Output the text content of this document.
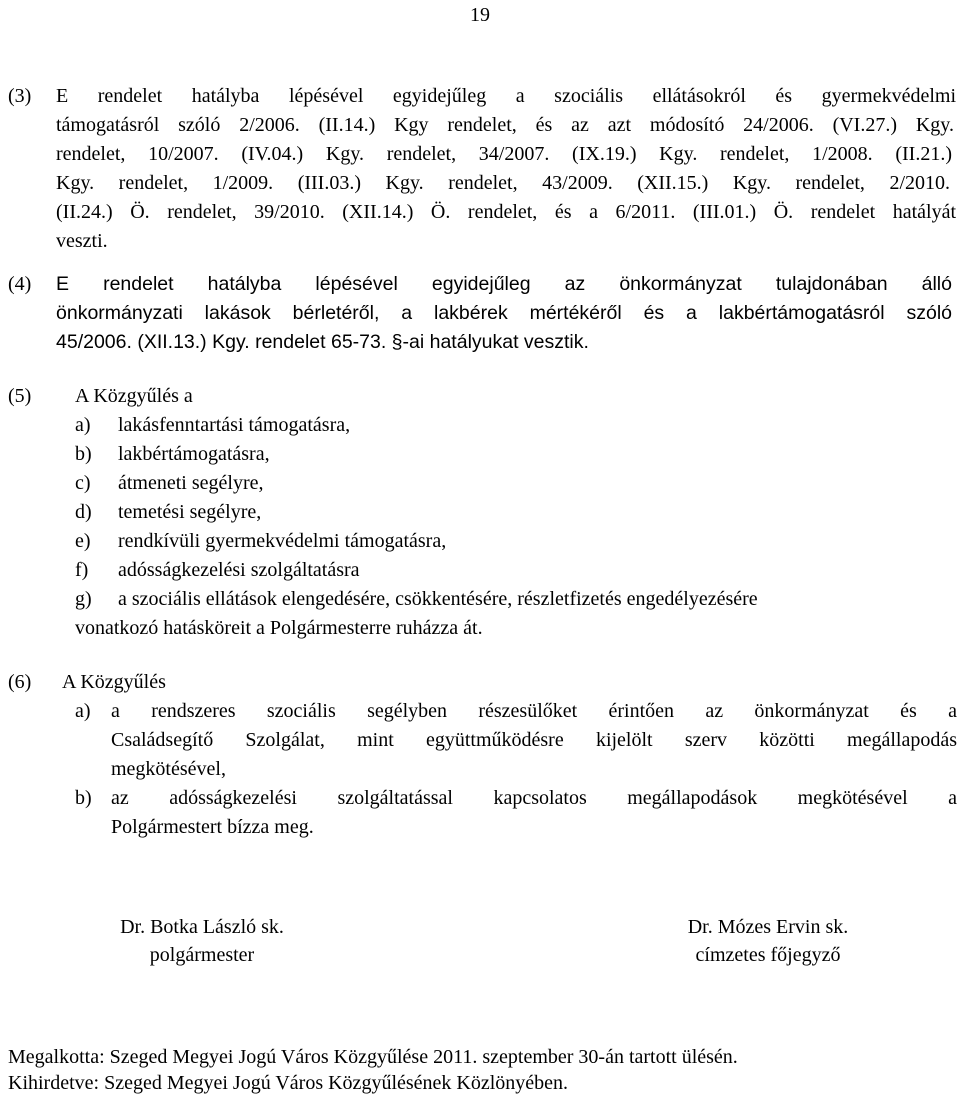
19
(3) E rendelet hatályba lépésével egyidejűleg a szociális ellátásokról és gyermekvédelmi
támogatásról szóló 2/2006. (II.14.) Kgy rendelet, és az azt módosító 24/2006. (VI.27.) Kgy.
rendelet, 10/2007. (IV.04.) Kgy. rendelet, 34/2007. (IX.19.) Kgy. rendelet, 1/2008. (II.21.)
Kgy. rendelet, 1/2009. (III.03.) Kgy. rendelet, 43/2009. (XII.15.) Kgy. rendelet, 2/2010.
(II.24.) Ö. rendelet, 39/2010. (XII.14.) Ö. rendelet, és a 6/2011. (III.01.) Ö. rendelet hatályát
veszti.
(4) E rendelet hatályba lépésével egyidejűleg az önkormányzat tulajdonában álló
önkormányzati lakások bérletéről, a lakbérek mértékéről és a lakbértámogatásról szóló
45/2006. (XII.13.) Kgy. rendelet 65-73. §-ai hatályukat vesztik.
(5) A Közgyűlés a
a) lakásfenntartási támogatásra,
b) lakbértámogatásra,
c) átmeneti segélyre,
d) temetési segélyre,
e) rendkívüli gyermekvédelmi támogatásra,
f) adósságkezelési szolgáltatásra
g) a szociális ellátások elengedésére, csökkentésére, részletfizetés engedélyezésére
vonatkozó hatásköreit a Polgármesterre ruházza át.
(6) A Közgyűlés
a) a rendszeres szociális segélyben részesülőket érintően az önkormányzat és a
Családsegítő Szolgálat, mint együttműködésre kijelölt szerv közötti megállapodás
megkötésével,
b) az adósságkezelési szolgáltatással kapcsolatos megállapodások megkötésével a
Polgármestert bízza meg.
Dr. Botka László sk.
polgármester
Dr. Mózes Ervin sk.
címzetes főjegyző
Megalkotta: Szeged Megyei Jogú Város Közgyűlése 2011. szeptember 30-án tartott ülésén.
Kihirdetve: Szeged Megyei Jogú Város Közgyűlésének Közlönyében.
